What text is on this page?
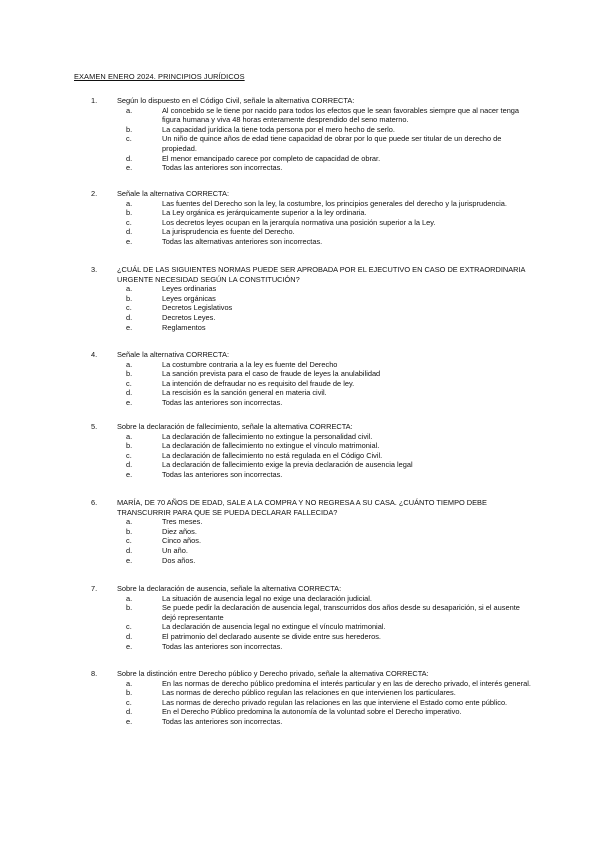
EXAMEN ENERO 2024. PRINCIPIOS JURÍDICOS
1.	Según lo dispuesto en el Código Civil, señale la alternativa CORRECTA:
a.	Al concebido se le tiene por nacido para todos los efectos que le sean favorables siempre que al nacer tenga figura humana y viva 48 horas enteramente desprendido del seno materno.
b.	La capacidad jurídica la tiene toda persona por el mero hecho de serlo.
c.	Un niño de quince años de edad tiene capacidad de obrar por lo que puede ser titular de un derecho de propiedad.
d.	El menor emancipado carece por completo de capacidad de obrar.
e.	Todas las anteriores son incorrectas.
2.	Señale la alternativa CORRECTA:
a.	Las fuentes del Derecho son la ley, la costumbre, los principios generales del derecho y la jurisprudencia.
b.	La Ley orgánica es jerárquicamente superior a la ley ordinaria.
c.	Los decretos leyes ocupan en la jerarquía normativa una posición superior a la Ley.
d.	La jurisprudencia es fuente del Derecho.
e.	Todas las alternativas anteriores son incorrectas.
3.	¿CUÁL DE LAS SIGUIENTES NORMAS PUEDE SER APROBADA POR EL EJECUTIVO EN CASO DE EXTRAORDINARIA URGENTE NECESIDAD SEGÚN LA CONSTITUCIÓN?
a.	Leyes ordinarias
b.	Leyes orgánicas
c.	Decretos Legislativos
d.	Decretos Leyes.
e.	Reglamentos
4.	Señale la alternativa CORRECTA:
a.	La costumbre contraria a la ley es fuente del Derecho
b.	La sanción prevista para el caso de fraude de leyes la anulabilidad
c.	La intención de defraudar no es requisito del fraude de ley.
d.	La rescisión es la sanción general en materia civil.
e.	Todas las anteriores son incorrectas.
5.	Sobre la declaración de fallecimiento, señale la alternativa CORRECTA:
a.	La declaración de fallecimiento no extingue la personalidad civil.
b.	La declaración de fallecimiento no extingue el vínculo matrimonial.
c.	La declaración de fallecimiento no está regulada en el Código Civil.
d.	La declaración de fallecimiento exige la previa declaración de ausencia legal
e.	Todas las anteriores son incorrectas.
6.	MARÍA, DE 70 AÑOS DE EDAD, SALE A LA COMPRA Y NO REGRESA A SU CASA. ¿CUÁNTO TIEMPO DEBE TRANSCURRIR PARA QUE SE PUEDA DECLARAR FALLECIDA?
a.	Tres meses.
b.	Diez años.
c.	Cinco años.
d.	Un año.
e.	Dos años.
7.	Sobre la declaración de ausencia, señale la alternativa CORRECTA:
a.	La situación de ausencia legal no exige una declaración judicial.
b.	Se puede pedir la declaración de ausencia legal, transcurridos dos años desde su desaparición, si el ausente dejó representante
c.	La declaración de ausencia legal no extingue el vínculo matrimonial.
d.	El patrimonio del declarado ausente se divide entre sus herederos.
e.	Todas las anteriores son incorrectas.
8.	Sobre la distinción entre Derecho público y Derecho privado, señale la alternativa CORRECTA:
a.	En las normas de derecho público predomina el interés particular y en las de derecho privado, el interés general.
b.	Las normas de derecho público regulan las relaciones en que intervienen los particulares.
c.	Las normas de derecho privado regulan las relaciones en las que interviene el Estado como ente público.
d.	En el Derecho Público predomina la autonomía de la voluntad sobre el Derecho imperativo.
e.	Todas las anteriores son incorrectas.
